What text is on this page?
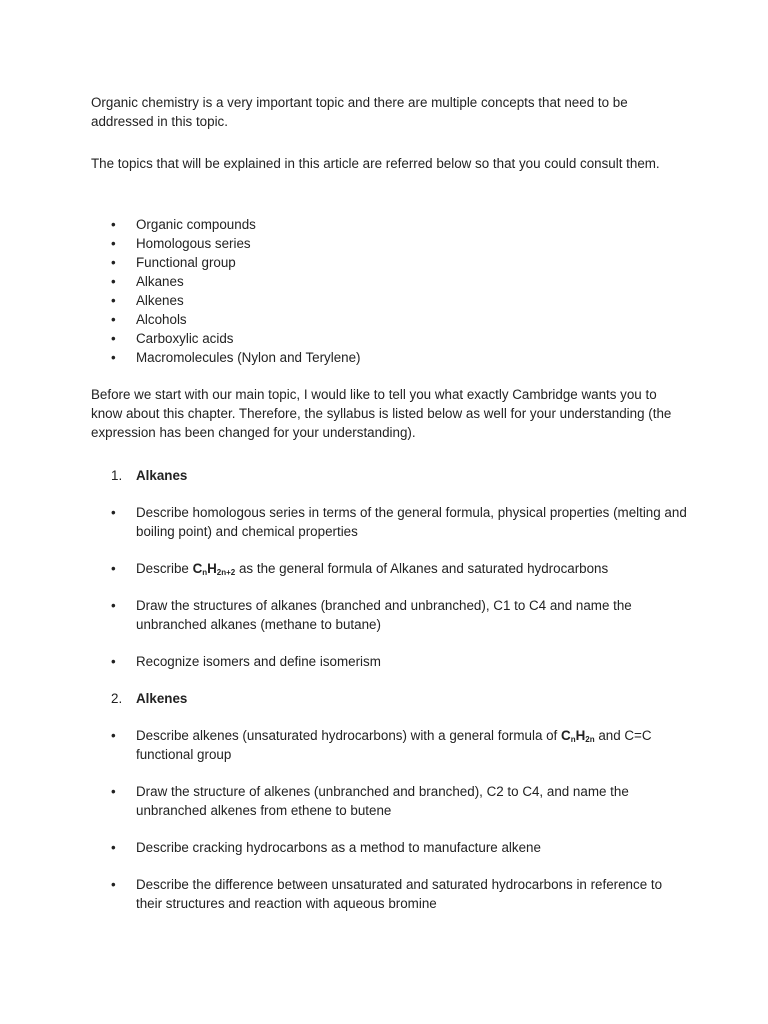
Organic chemistry is a very important topic and there are multiple concepts that need to be addressed in this topic.

The topics that will be explained in this article are referred below so that you could consult them.

• Organic compounds
• Homologous series
• Functional group
• Alkanes
• Alkenes
• Alcohols
• Carboxylic acids
• Macromolecules (Nylon and Terylene)

Before we start with our main topic, I would like to tell you what exactly Cambridge wants you to know about this chapter. Therefore, the syllabus is listed below as well for your understanding (the expression has been changed for your understanding).

1. Alkanes
• Describe homologous series in terms of the general formula, physical properties (melting and boiling point) and chemical properties
• Describe $C_nH_{2n+2}$ as the general formula of Alkanes and saturated hydrocarbons
• Draw the structures of alkanes (branched and unbranched), C1 to C4 and name the unbranched alkanes (methane to butane)
• Recognize isomers and define isomerism
2. Alkenes
• Describe alkenes (unsaturated hydrocarbons) with a general formula of $C_nH_{2n}$ and C=C functional group
• Draw the structure of alkenes (unbranched and branched), C2 to C4, and name the unbranched alkenes from ethene to butene
• Describe cracking hydrocarbons as a method to manufacture alkene
• Describe the difference between unsaturated and saturated hydrocarbons in reference to their structures and reaction with aqueous bromine
